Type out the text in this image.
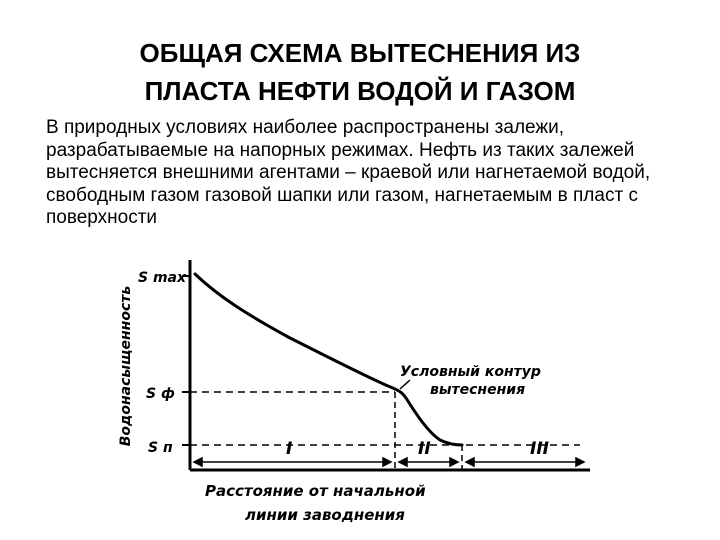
ОБЩАЯ СХЕМА ВЫТЕСНЕНИЯ ИЗ
ПЛАСТА НЕФТИ ВОДОЙ И ГАЗОМ

В природных условиях наиболее распространены залежи, разрабатываемые на напорных режимах. Нефть из таких залежей вытесняется внешними агентами – краевой или нагнетаемой водой, свободным газом газовой шапки или газом, нагнетаемым в пласт с поверхности

Водонасыщенность
S max
S ф
S п
Условный контур
вытеснения
I	II	III
Расстояние от начальной
линии заводнения
